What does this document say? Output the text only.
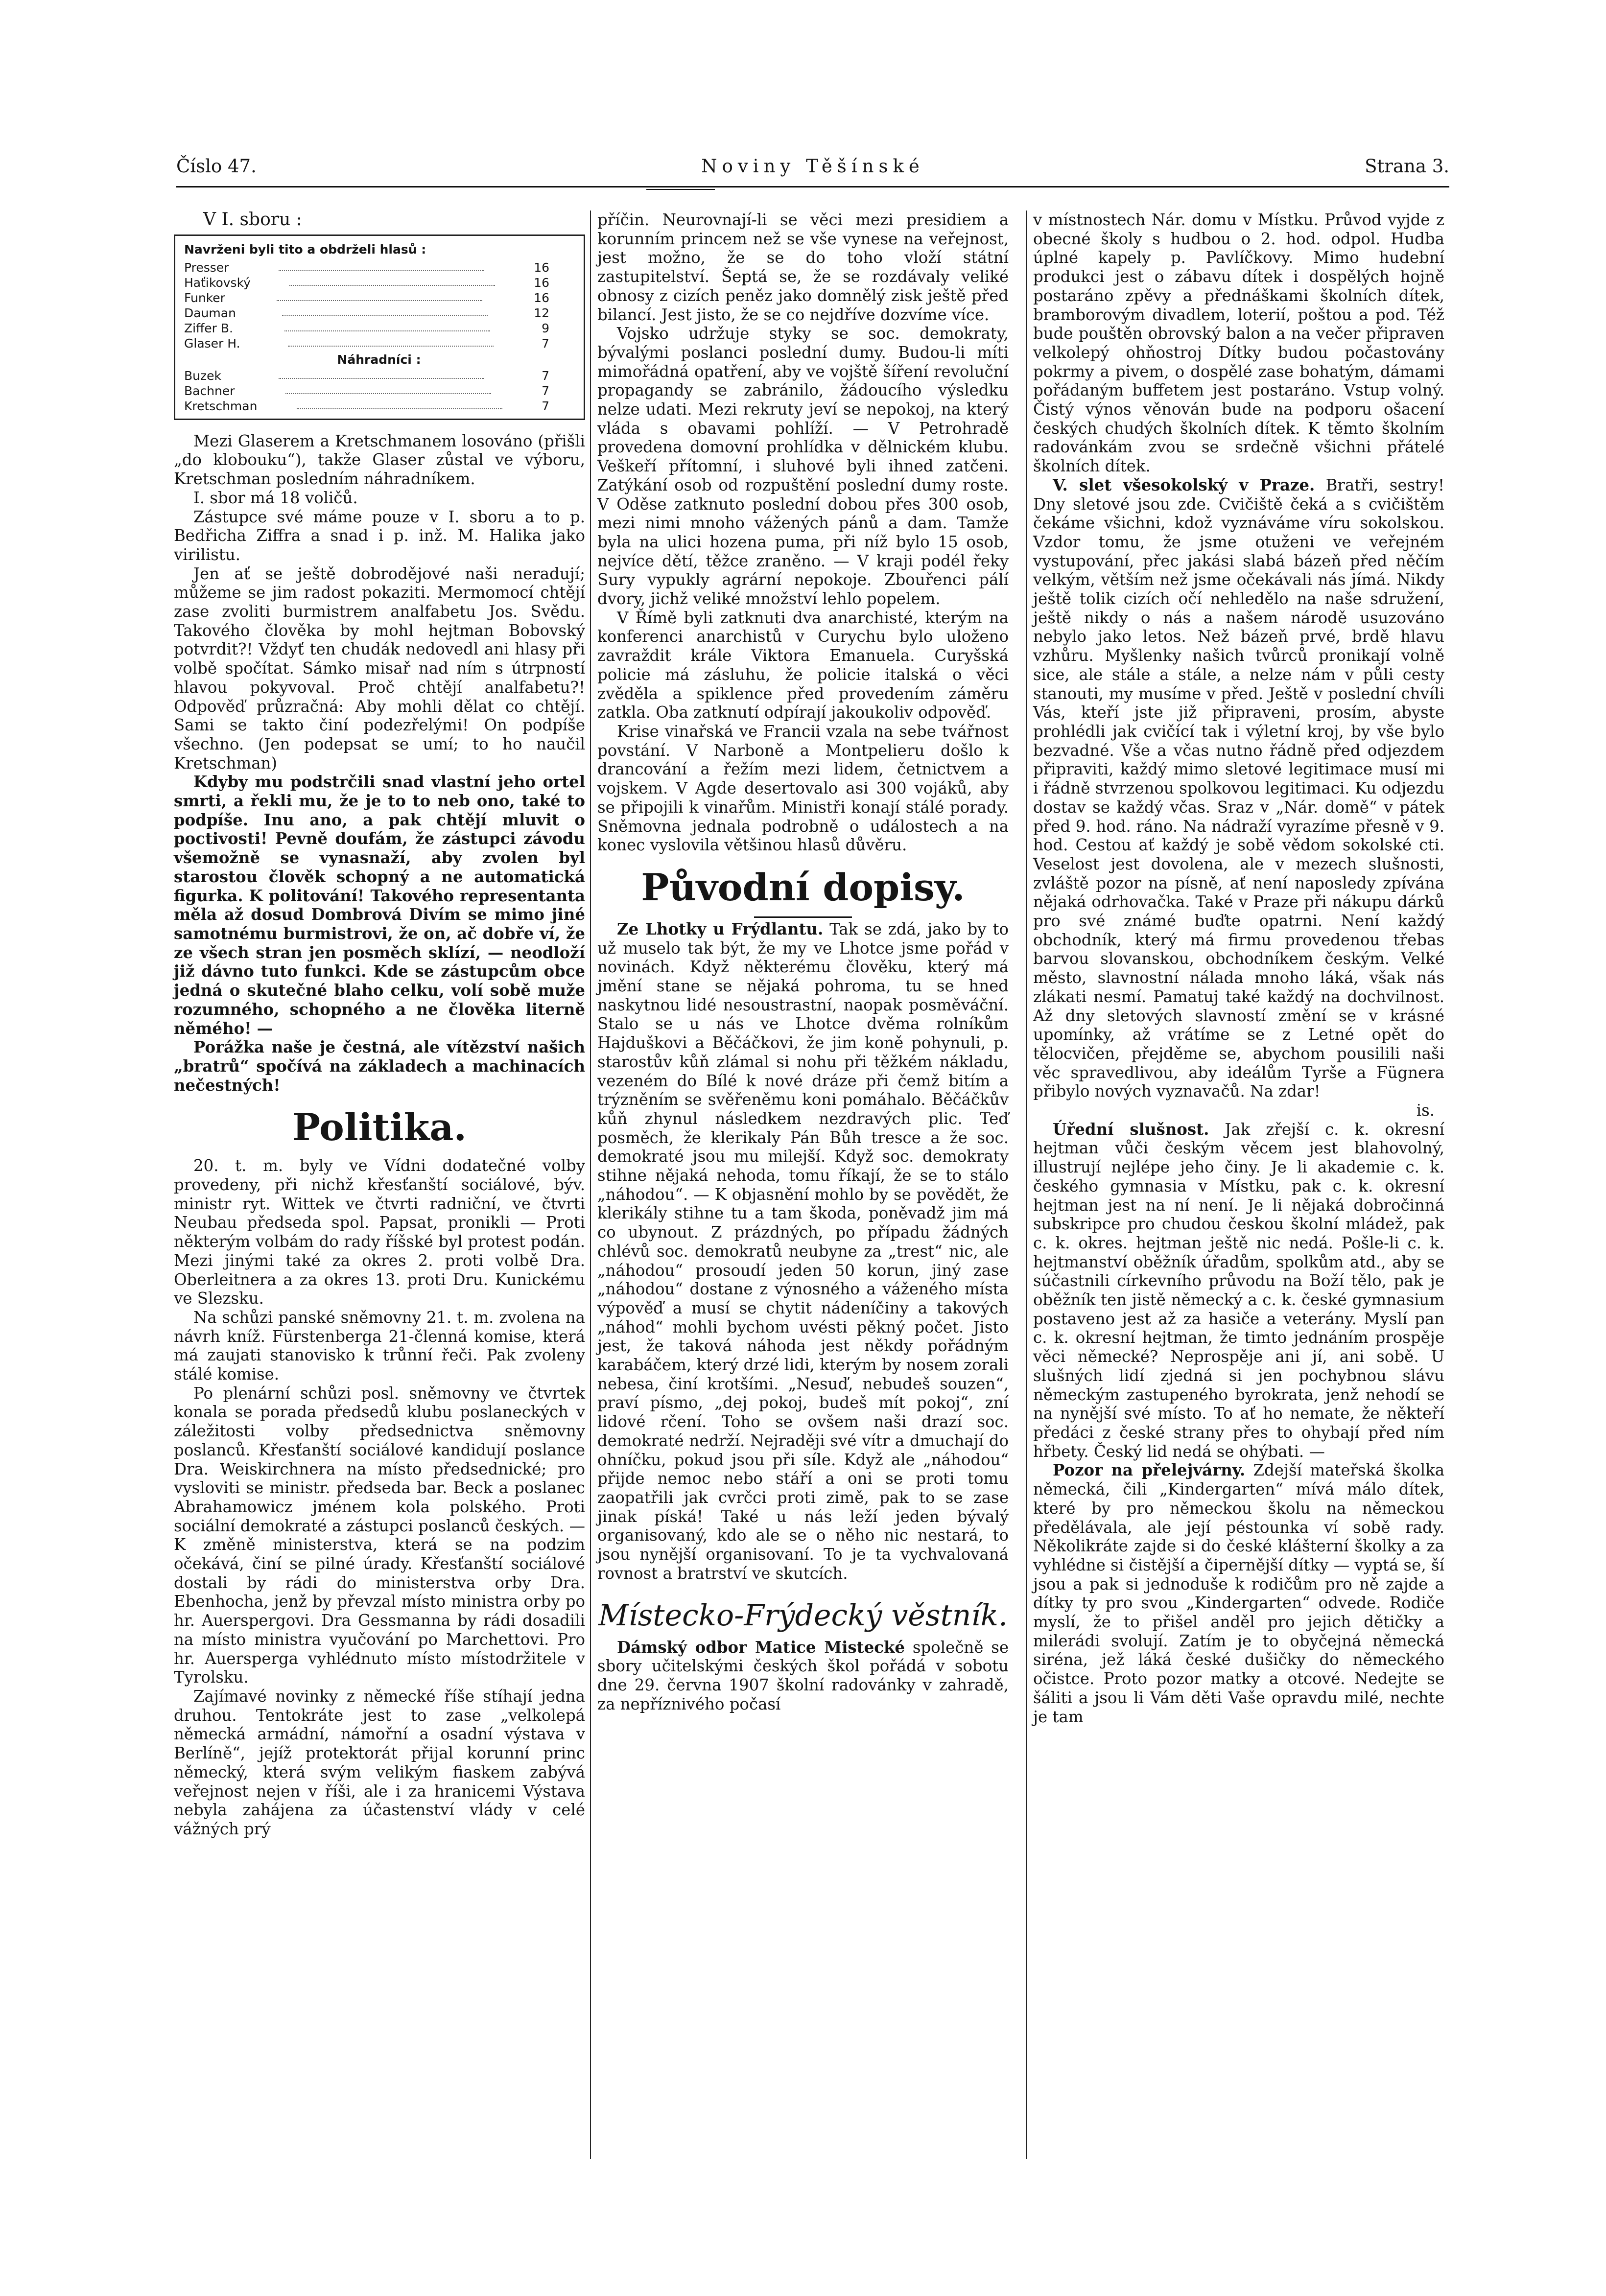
Číslo 47.	Noviny Těšínské	Strana 3.
V I. sboru :
Navrženi byli tito a obdrželi hlasů :
Presser	16
Haťikovský	16
Funker	16
Dauman	12
Ziffer B.	9
Glaser H.	7
Náhradníci :
Buzek	7
Bachner	7
Kretschman	7

Mezi Glaserem a Kretschmanem losováno (přišli „do klobouku“), takže Glaser zůstal ve výboru, Kretschman posledním náhradníkem.

I. sbor má 18 voličů.

Zástupce své máme pouze v I. sboru a to p. Bedřicha Ziffra a snad i p. inž. M. Halika jako virilistu.

Jen ať se ještě dobrodějové naši neradují; můžeme se jim radost pokaziti. Mermomocí chtějí zase zvoliti burmistrem analfabetu Jos. Svědu. Takového člověka by mohl hejtman Bobovský potvrdit?! Vždyť ten chudák nedovedl ani hlasy při volbě spočítat. Sámko misař nad ním s útrpností hlavou pokyvoval. Proč chtějí analfabetu?! Odpověď průzračná: Aby mohli dělat co chtějí. Sami se takto činí podezřelými! On podpíše všechno. (Jen podepsat se umí; to ho naučil Kretschman)

Kdyby mu podstrčili snad vlastní jeho ortel smrti, a řekli mu, že je to to neb ono, také to podpíše. Inu ano, a pak chtějí mluvit o poctivosti! Pevně doufám, že zástupci závodu všemožně se vynasnaží, aby zvolen byl starostou člověk schopný a ne automatická figurka. K politování! Takového representanta měla až dosud Dombrová Divím se mimo jiné samotnému burmistrovi, že on, ač dobře ví, že ze všech stran jen posměch sklízí, — neodloží již dávno tuto funkci. Kde se zástupcům obce jedná o skutečné blaho celku, volí sobě muže rozumného, schopného a ne člověka literně němého! —

Porážka naše je čestná, ale vítězství našich „bratrů“ spočívá na základech a machinacích nečestných!

Politika.

20. t. m. byly ve Vídni dodatečné volby provedeny, při nichž křesťanští sociálové, býv. ministr ryt. Wittek ve čtvrti radniční, ve čtvrti Neubau předseda spol. Papsat, pronikli — Proti některým volbám do rady říšské byl protest podán. Mezi jinými také za okres 2. proti volbě Dra. Oberleitnera a za okres 13. proti Dru. Kunickému ve Slezsku.

Na schůzi panské sněmovny 21. t. m. zvolena na návrh kníž. Fürstenberga 21-členná komise, která má zaujati stanovisko k trůnní řeči. Pak zvoleny stálé komise.

Po plenární schůzi posl. sněmovny ve čtvrtek konala se porada předsedů klubu poslaneckých v záležitosti volby předsednictva sněmovny poslanců. Křesťanští sociálové kandidují poslance Dra. Weiskirchnera na místo předsednické; pro vysloviti se ministr. předseda bar. Beck a poslanec Abrahamowicz jménem kola polského. Proti sociální demokraté a zástupci poslanců českých. — K změně ministerstva, která se na podzim očekává, činí se pilné úrady. Křesťanští sociálové dostali by rádi do ministerstva orby Dra. Ebenhocha, jenž by převzal místo ministra orby po hr. Auerspergovi. Dra Gessmanna by rádi dosadili na místo ministra vyučování po Marchettovi. Pro hr. Auersperga vyhlédnuto místo místodržitele v Tyrolsku.

Zajímavé novinky z německé říše stíhají jedna druhou. Tentokráte jest to zase „velkolepá německá armádní, námořní a osadní výstava v Berlíně“, jejíž protektorát přijal korunní princ německý, která svým velikým fiaskem zabývá veřejnost nejen v říši, ale i za hranicemi Výstava nebyla zahájena za účastenství vlády v celé vážných prý

příčin. Neurovnají-li se věci mezi presidiem a korunním princem než se vše vynese na veřejnost, jest možno, že se do toho vloží státní zastupitelství. Šeptá se, že se rozdávaly veliké obnosy z cizích peněz jako domnělý zisk ještě před bilancí. Jest jisto, že se co nejdříve dozvíme více.

Vojsko udržuje styky se soc. demokraty, bývalými poslanci poslední dumy. Budou-li míti mimořádná opatření, aby ve vojště šíření revoluční propagandy se zabránilo, žádoucího výsledku nelze udati. Mezi rekruty jeví se nepokoj, na který vláda s obavami pohlíží. — V Petrohradě provedena domovní prohlídka v dělnickém klubu. Veškeří přítomní, i sluhové byli ihned zatčeni. Zatýkání osob od rozpuštění poslední dumy roste. V Oděse zatknuto poslední dobou přes 300 osob, mezi nimi mnoho vážených pánů a dam. Tamže byla na ulici hozena puma, při níž bylo 15 osob, nejvíce dětí, těžce zraněno. — V kraji podél řeky Sury vypukly agrární nepokoje. Zbouřenci pálí dvory, jichž veliké množství lehlo popelem.

V Římě byli zatknuti dva anarchisté, kterým na konferenci anarchistů v Curychu bylo uloženo zavraždit krále Viktora Emanuela. Curyšská policie má zásluhu, že policie italská o věci zvěděla a spiklence před provedením záměru zatkla. Oba zatknutí odpírají jakoukoliv odpověď.

Krise vinařská ve Francii vzala na sebe tvářnost povstání. V Narboně a Montpelieru došlo k drancování a řežím mezi lidem, četnictvem a vojskem. V Agde desertovalo asi 300 vojáků, aby se připojili k vinařům. Ministři konají stálé porady. Sněmovna jednala podrobně o událostech a na konec vyslovila většinou hlasů důvěru.

Původní dopisy.

Ze Lhotky u Frýdlantu. Tak se zdá, jako by to už muselo tak být, že my ve Lhotce jsme pořád v novinách. Když některému člověku, který má jmění stane se nějaká pohroma, tu se hned naskytnou lidé nesoustrastní, naopak posměváční. Stalo se u nás ve Lhotce dvěma rolníkům Hajduškovi a Běčáčkovi, že jim koně pohynuli, p. starostův kůň zlámal si nohu při těžkém nákladu, vezeném do Bílé k nové dráze při čemž bitím a trýzněním se svěřeněmu koni pomáhalo. Běčáčkův kůň zhynul následkem nezdravých plic. Teď posměch, že klerikaly Pán Bůh tresce a že soc. demokraté jsou mu milejší. Když soc. demokraty stihne nějaká nehoda, tomu říkají, že se to stálo „náhodou“. — K objasnění mohlo by se povědět, že klerikály stihne tu a tam škoda, poněvadž jim má co ubynout. Z prázdných, po případu žádných chlévů soc. demokratů neubyne za „trest“ nic, ale „náhodou“ prosoudí jeden 50 korun, jiný zase „náhodou“ dostane z výnosného a váženého místa výpověď a musí se chytit nádeníčiny a takových „náhod“ mohli bychom uvésti pěkný počet. Jisto jest, že taková náhoda jest někdy pořádným karabáčem, který drzé lidi, kterým by nosem zorali nebesa, činí krotšími. „Nesuď, nebudeš souzen“, praví písmo, „dej pokoj, budeš mít pokoj“, zní lidové rčení. Toho se ovšem naši drazí soc. demokraté nedrží. Nejraději své vítr a dmuchají do ohníčku, pokud jsou při síle. Když ale „náhodou“ přijde nemoc nebo stáří a oni se proti tomu zaopatřili jak cvrčci proti zimě, pak to se zase jinak píská! Také u nás leží jeden bývalý organisovaný, kdo ale se o něho nic nestará, to jsou nynější organisovaní. To je ta vychvalovaná rovnost a bratrství ve skutcích.

Místecko-Frýdecký věstník.

Dámský odbor Matice Mistecké společně se sbory učitelskými českých škol pořádá v sobotu dne 29. června 1907 školní radovánky v zahradě, za nepříznivého počasí

v místnostech Nár. domu v Místku. Průvod vyjde z obecné školy s hudbou o 2. hod. odpol. Hudba úplné kapely p. Pavlíčkovy. Mimo hudební produkci jest o zábavu dítek i dospělých hojně postaráno zpěvy a přednáškami školních dítek, bramborovým divadlem, loterií, poštou a pod. Též bude pouštěn obrovský balon a na večer připraven velkolepý ohňostroj Dítky budou počastovány pokrmy a pivem, o dospělé zase bohatým, dámami pořádaným buffetem jest postaráno. Vstup volný. Čistý výnos věnován bude na podporu ošacení českých chudých školních dítek. K těmto školním radovánkám zvou se srdečně všichni přátelé školních dítek.

V. slet všesokolský v Praze. Bratři, sestry! Dny sletové jsou zde. Cvičiště čeká a s cvičištěm čekáme všichni, kdož vyznáváme víru sokolskou. Vzdor tomu, že jsme otuženi ve veřejném vystupování, přec jakási slabá bázeň před něčím velkým, větším než jsme očekávali nás jímá. Nikdy ještě tolik cizích očí nehledělo na naše sdružení, ještě nikdy o nás a našem národě usuzováno nebylo jako letos. Než bázeň prvé, brdě hlavu vzhůru. Myšlenky našich tvůrců pronikají volně sice, ale stále a stále, a nelze nám v půli cesty stanouti, my musíme v před. Ještě v poslední chvíli Vás, kteří jste již připraveni, prosím, abyste prohlédli jak cvičící tak i výletní kroj, by vše bylo bezvadné. Vše a včas nutno řádně před odjezdem připraviti, každý mimo sletové legitimace musí mi i řádně stvrzenou spolkovou legitimaci. Ku odjezdu dostav se každý včas. Sraz v „Nár. domě“ v pátek před 9. hod. ráno. Na nádraží vyrazíme přesně v 9. hod. Cestou ať každý je sobě vědom sokolské cti. Veselost jest dovolena, ale v mezech slušnosti, zvláště pozor na písně, ať není naposledy zpívána nějaká odrhovačka. Také v Praze při nákupu dárků pro své známé buďte opatrni. Není každý obchodník, který má firmu provedenou třebas barvou slovanskou, obchodníkem českým. Velké město, slavnostní nálada mnoho láká, však nás zlákati nesmí. Pamatuj také každý na dochvilnost. Až dny sletových slavností změní se v krásné upomínky, až vrátíme se z Letné opět do tělocvičen, přejděme se, abychom pousilili naši věc spravedlivou, aby ideálům Tyrše a Fügnera přibylo nových vyznavačů. Na zdar!

is.

Úřední slušnost. Jak zřejší c. k. okresní hejtman vůči českým věcem jest blahovolný, illustrují nejlépe jeho činy. Je li akademie c. k. českého gymnasia v Místku, pak c. k. okresní hejtman jest na ní není. Je li nějaká dobročinná subskripce pro chudou českou školní mládež, pak c. k. okres. hejtman ještě nic nedá. Pošle-li c. k. hejtmanství oběžník úřadům, spolkům atd., aby se súčastnili církevního průvodu na Boží tělo, pak je oběžník ten jistě německý a c. k. české gymnasium postaveno jest až za hasiče a veterány. Myslí pan c. k. okresní hejtman, že timto jednáním prospěje věci německé? Neprospěje ani jí, ani sobě. U slušných lidí zjedná si jen pochybnou slávu německým zastupeného byrokrata, jenž nehodí se na nynější své místo. To ať ho nemate, že někteří předáci z české strany přes to ohybají před ním hřbety. Český lid nedá se ohýbati. —

Pozor na přelejvárny. Zdejší mateřská školka německá, čili „Kindergarten“ mívá málo dítek, které by pro německou školu na německou předělávala, ale její péstounka ví sobě rady. Několikráte zajde si do české klášterní školky a za vyhlédne si čistější a čipernější dítky — vyptá se, ší jsou a pak si jednoduše k rodičům pro ně zajde a dítky ty pro svou „Kindergarten“ odvede. Rodiče myslí, že to přišel anděl pro jejich dětičky a milerádi svolují. Zatím je to obyčejná německá siréna, jež láká české dušičky do německého očistce. Proto pozor matky a otcové. Nedejte se šáliti a jsou li Vám děti Vaše opravdu milé, nechte je tam
